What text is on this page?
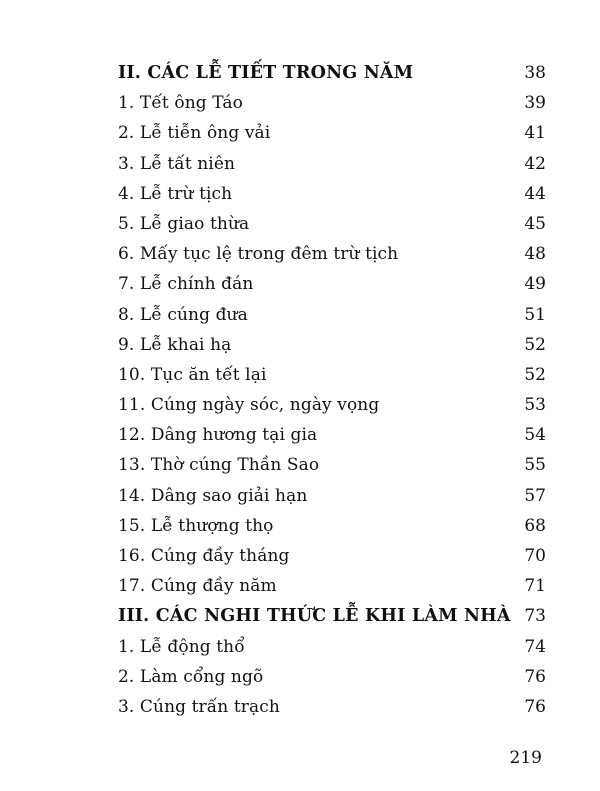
II. CÁC LỄ TIẾT TRONG NĂM	38
1. Tết ông Táo	39
2. Lễ tiễn ông vải	41
3. Lễ tất niên	42
4. Lễ trừ tịch	44
5. Lễ giao thừa	45
6. Mấy tục lệ trong đêm trừ tịch	48
7. Lễ chính đán	49
8. Lễ cúng đưa	51
9. Lễ khai hạ	52
10. Tục ăn tết lại	52
11. Cúng ngày sóc, ngày vọng	53
12. Dâng hương tại gia	54
13. Thờ cúng Thần Sao	55
14. Dâng sao giải hạn	57
15. Lễ thượng thọ	68
16. Cúng đầy tháng	70
17. Cúng đầy năm	71
III. CÁC NGHI THỨC LỄ KHI LÀM NHÀ 73
1. Lễ động thổ	74
2. Làm cổng ngõ	76
3. Cúng trấn trạch	76
219
